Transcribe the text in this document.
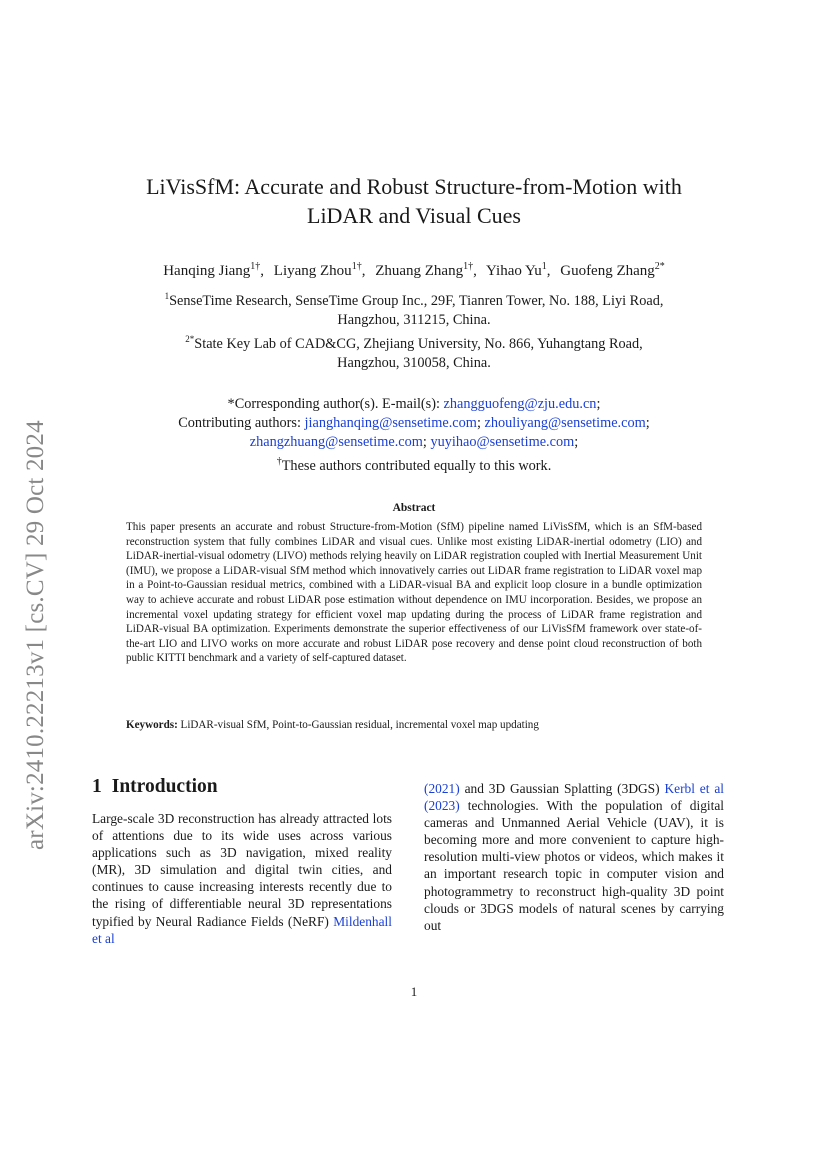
arXiv:2410.22213v1 [cs.CV] 29 Oct 2024
LiVisSfM: Accurate and Robust Structure-from-Motion with
LiDAR and Visual Cues
Hanqing Jiang$^{1\dagger}$, Liyang Zhou$^{1\dagger}$, Zhuang Zhang$^{1\dagger}$, Yihao Yu$^1$, Guofeng Zhang$^{2*}$
$^1$SenseTime Research, SenseTime Group Inc., 29F, Tianren Tower, No. 188, Liyi Road,
Hangzhou, 311215, China.
$^{2*}$State Key Lab of CAD&CG, Zhejiang University, No. 866, Yuhangtang Road,
Hangzhou, 310058, China.
*Corresponding author(s). E-mail(s): zhangguofeng@zju.edu.cn;
Contributing authors: jianghanqing@sensetime.com; zhouliyang@sensetime.com;
zhangzhuang@sensetime.com; yuyihao@sensetime.com;
†These authors contributed equally to this work.
Abstract
This paper presents an accurate and robust Structure-from-Motion (SfM) pipeline named LiVisSfM, which is an SfM-based reconstruction system that fully combines LiDAR and visual cues. Unlike most existing LiDAR-inertial odometry (LIO) and LiDAR-inertial-visual odometry (LIVO) methods relying heavily on LiDAR registration coupled with Inertial Measurement Unit (IMU), we propose a LiDAR-visual SfM method which innovatively carries out LiDAR frame registration to LiDAR voxel map in a Point-to-Gaussian residual metrics, combined with a LiDAR-visual BA and explicit loop closure in a bundle optimization way to achieve accurate and robust LiDAR pose estimation without dependence on IMU incorporation. Besides, we propose an incremental voxel updating strategy for efficient voxel map updating during the process of LiDAR frame registration and LiDAR-visual BA optimization. Experiments demonstrate the superior effectiveness of our LiVisSfM framework over state-of-the-art LIO and LIVO works on more accurate and robust LiDAR pose recovery and dense point cloud reconstruction of both public KITTI benchmark and a variety of self-captured dataset.
Keywords: LiDAR-visual SfM, Point-to-Gaussian residual, incremental voxel map updating
1 Introduction
Large-scale 3D reconstruction has already attracted lots of attentions due to its wide uses across various applications such as 3D navigation, mixed reality (MR), 3D simulation and digital twin cities, and continues to cause increasing interests recently due to the rising of differentiable neural 3D representations typified by Neural Radiance Fields (NeRF) Mildenhall et al
(2021) and 3D Gaussian Splatting (3DGS) Kerbl et al (2023) technologies. With the population of digital cameras and Unmanned Aerial Vehicle (UAV), it is becoming more and more convenient to capture high-resolution multi-view photos or videos, which makes it an important research topic in computer vision and photogrammetry to reconstruct high-quality 3D point clouds or 3DGS models of natural scenes by carrying out
1
